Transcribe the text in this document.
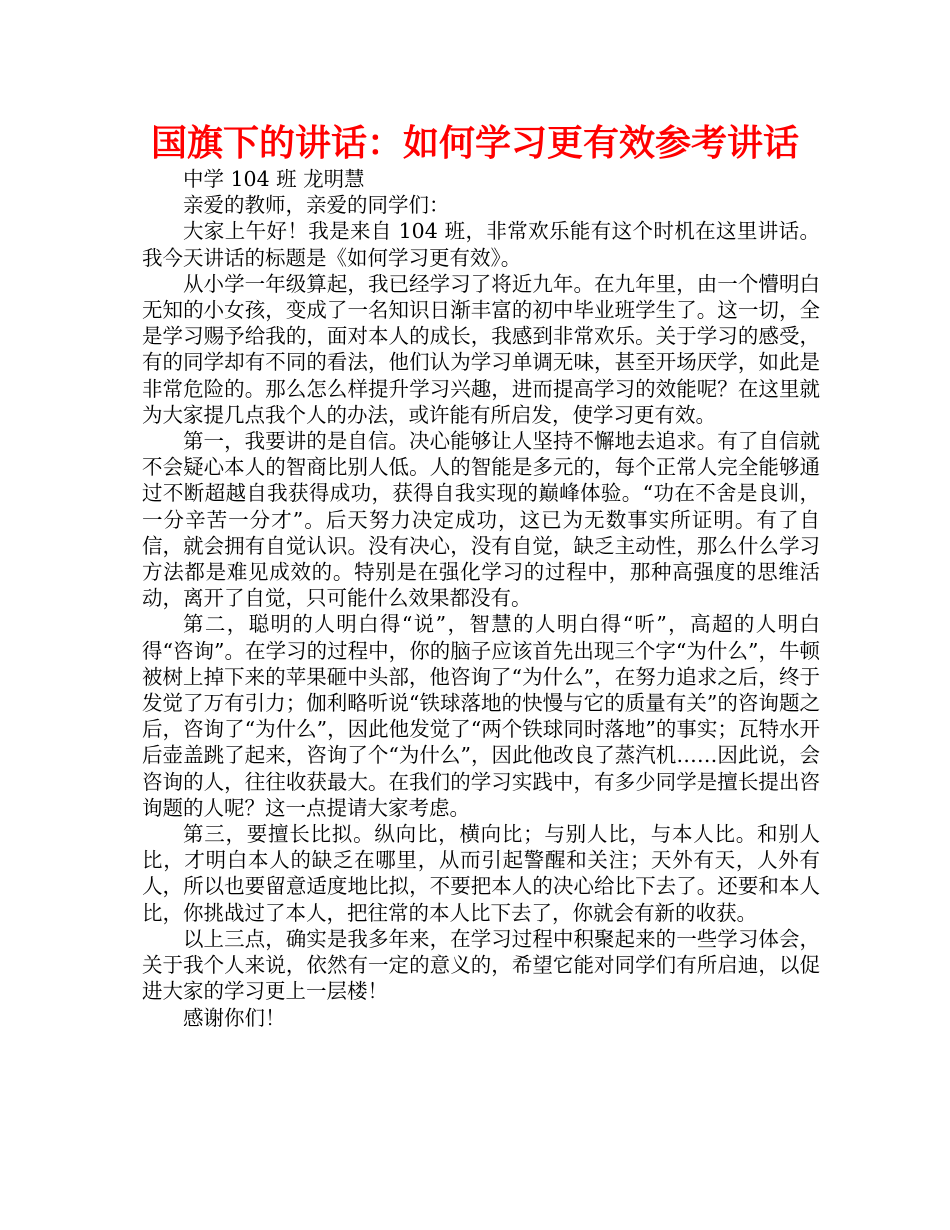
国旗下的讲话：如何学习更有效参考讲话

中学 104 班 龙明慧

亲爱的教师，亲爱的同学们：

大家上午好！我是来自 104 班，非常欢乐能有这个时机在这里讲话。我今天讲话的标题是《如何学习更有效》。

从小学一年级算起，我已经学习了将近九年。在九年里，由一个懵明白无知的小女孩，变成了一名知识日渐丰富的初中毕业班学生了。这一切，全是学习赐予给我的，面对本人的成长，我感到非常欢乐。关于学习的感受，有的同学却有不同的看法，他们认为学习单调无味，甚至开场厌学，如此是非常危险的。那么怎么样提升学习兴趣，进而提高学习的效能呢？在这里就为大家提几点我个人的办法，或许能有所启发，使学习更有效。

第一，我要讲的是自信。决心能够让人坚持不懈地去追求。有了自信就不会疑心本人的智商比别人低。人的智能是多元的，每个正常人完全能够通过不断超越自我获得成功，获得自我实现的巅峰体验。“功在不舍是良训，一分辛苦一分才”。后天努力决定成功，这已为无数事实所证明。有了自信，就会拥有自觉认识。没有决心，没有自觉，缺乏主动性，那么什么学习方法都是难见成效的。特别是在强化学习的过程中，那种高强度的思维活动，离开了自觉，只可能什么效果都没有。

第二，聪明的人明白得“说”，智慧的人明白得“听”，高超的人明白得“咨询”。在学习的过程中，你的脑子应该首先出现三个字“为什么”，牛顿被树上掉下来的苹果砸中头部，他咨询了“为什么”，在努力追求之后，终于发觉了万有引力；伽利略听说“铁球落地的快慢与它的质量有关”的咨询题之后，咨询了“为什么”，因此他发觉了“两个铁球同时落地”的事实；瓦特水开后壶盖跳了起来，咨询了个“为什么”，因此他改良了蒸汽机……因此说，会咨询的人，往往收获最大。在我们的学习实践中，有多少同学是擅长提出咨询题的人呢？这一点提请大家考虑。

第三，要擅长比拟。纵向比，横向比；与别人比，与本人比。和别人比，才明白本人的缺乏在哪里，从而引起警醒和关注；天外有天，人外有人，所以也要留意适度地比拟，不要把本人的决心给比下去了。还要和本人比，你挑战过了本人，把往常的本人比下去了，你就会有新的收获。

以上三点，确实是我多年来，在学习过程中积聚起来的一些学习体会，关于我个人来说，依然有一定的意义的，希望它能对同学们有所启迪，以促进大家的学习更上一层楼！

感谢你们！
